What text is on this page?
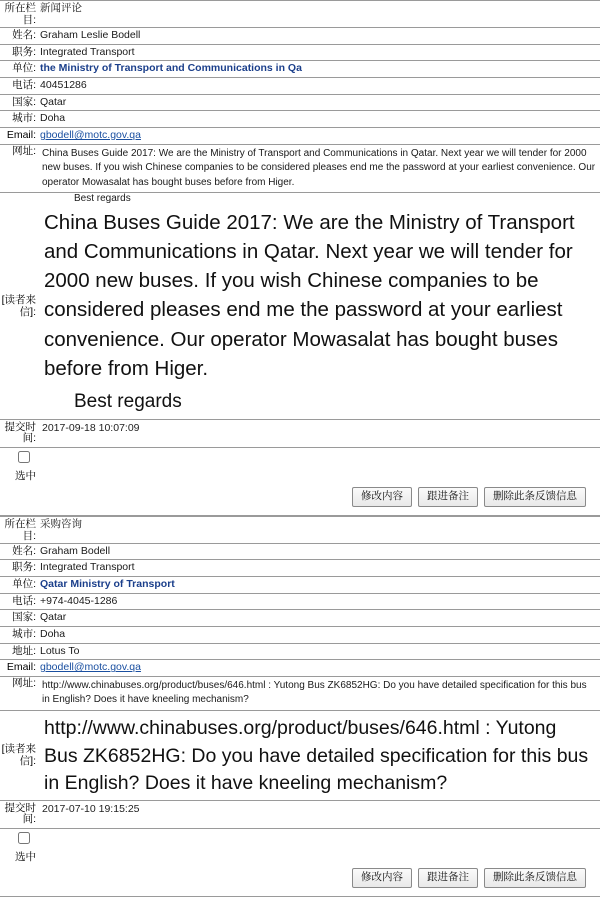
所在栏目:
新闻评论
姓名: Graham Leslie Bodell
职务: Integrated Transport
单位: the Ministry of Transport and Communications in Qa
电话: 40451286
国家: Qatar
城市: Doha
Email: gbodell@motc.gov.qa
网址: China Buses Guide 2017: We are the Ministry of Transport and Communications in Qatar. Next year we will tender for 2000 new buses. If you wish Chinese companies to be considered pleases end me the password at your earliest convenience. Our operator Mowasalat has bought buses before from Higer.
[读者来信]:
Best regards
China Buses Guide 2017: We are the Ministry of Transport and Communications in Qatar. Next year we will tender for 2000 new buses. If you wish Chinese companies to be considered pleases end me the password at your earliest convenience. Our operator Mowasalat has bought buses before from Higer.
Best regards
提交时间:
2017-09-18 10:07:09
选中
修改内容	跟进备注	删除此条反馈信息
所在栏目:
采购咨询
姓名: Graham Bodell
职务: Integrated Transport
单位: Qatar Ministry of Transport
电话: +974-4045-1286
国家: Qatar
城市: Doha
地址: Lotus To
Email: gbodell@motc.gov.qa
网址: http://www.chinabuses.org/product/buses/646.html : Yutong Bus ZK6852HG: Do you have detailed specification for this bus in English? Does it have kneeling mechanism?
[读者来信]:
http://www.chinabuses.org/product/buses/646.html : Yutong Bus ZK6852HG: Do you have detailed specification for this bus in English? Does it have kneeling mechanism?
提交时间:
2017-07-10 19:15:25
选中
修改内容	跟进备注	删除此条反馈信息
